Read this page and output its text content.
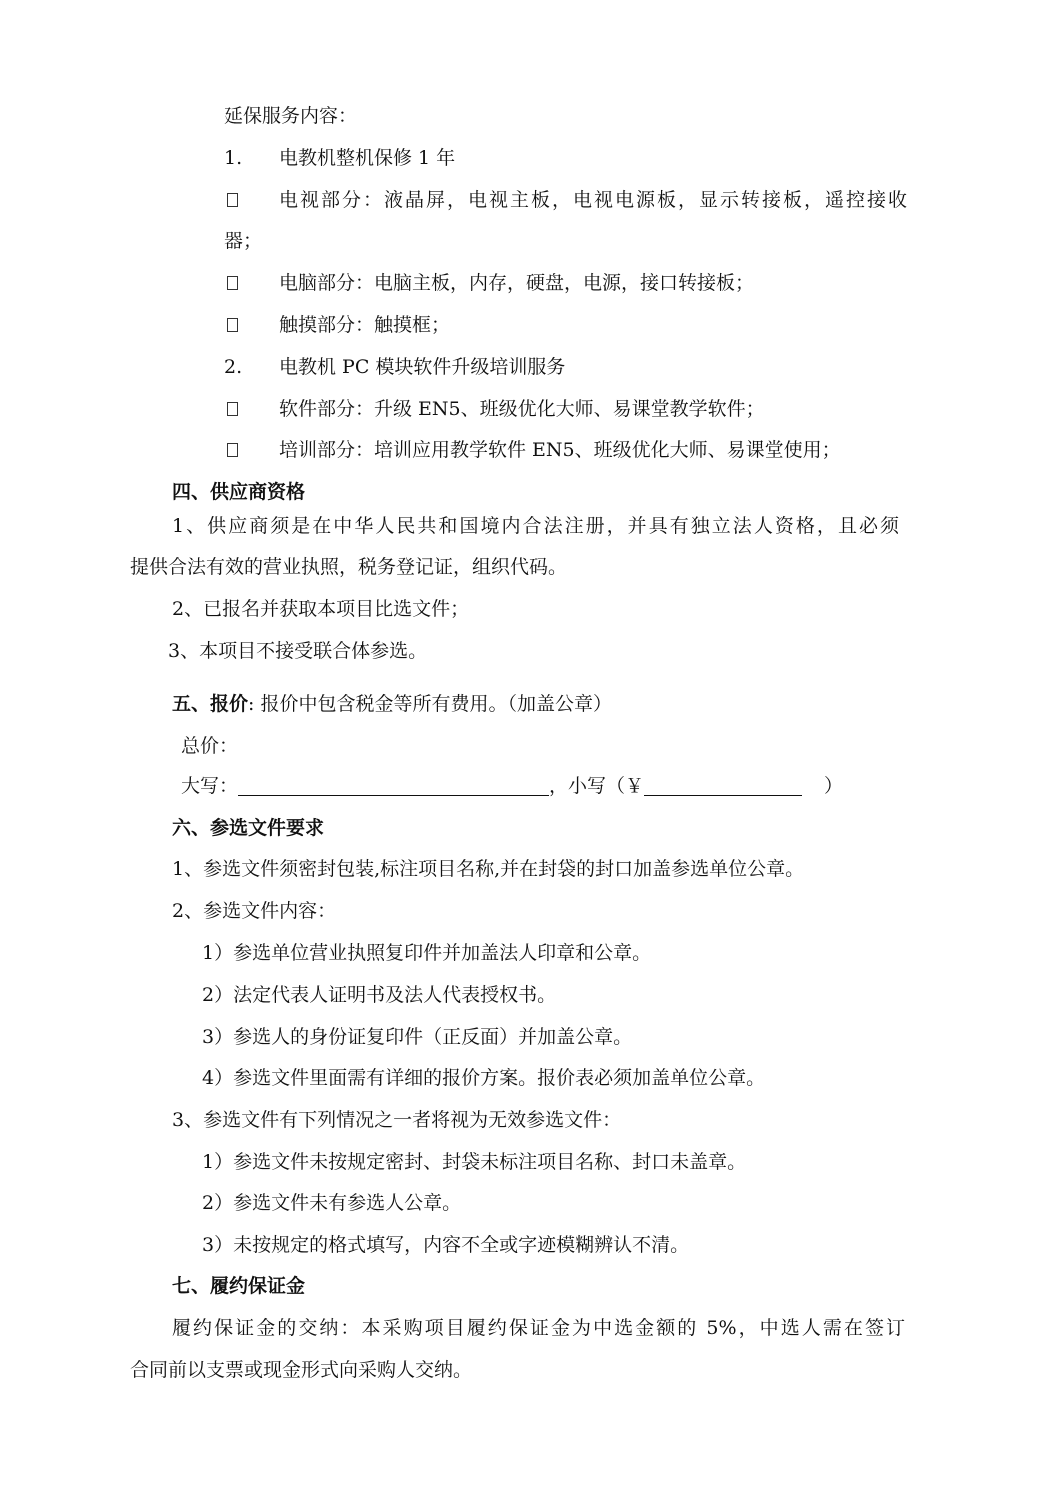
延保服务内容：
1. 电教机整机保修 1 年
电视部分：液晶屏，电视主板，电视电源板，显示转接板，遥控接收
器；
电脑部分：电脑主板，内存，硬盘，电源，接口转接板；
触摸部分：触摸框；
2. 电教机 PC 模块软件升级培训服务
软件部分：升级 EN5、班级优化大师、易课堂教学软件；
培训部分：培训应用教学软件 EN5、班级优化大师、易课堂使用；
四、供应商资格
1、供应商须是在中华人民共和国境内合法注册，并具有独立法人资格，且必须
提供合法有效的营业执照，税务登记证，组织代码。
2、已报名并获取本项目比选文件；
3、本项目不接受联合体参选。
五、报价: 报价中包含税金等所有费用。（加盖公章）
总价：
大写：	，小写（￥	）
六、参选文件要求
1、参选文件须密封包装,标注项目名称,并在封袋的封口加盖参选单位公章。
2、参选文件内容：
1）参选单位营业执照复印件并加盖法人印章和公章。
2）法定代表人证明书及法人代表授权书。
3）参选人的身份证复印件（正反面）并加盖公章。
4）参选文件里面需有详细的报价方案。报价表必须加盖单位公章。
3、参选文件有下列情况之一者将视为无效参选文件：
1）参选文件未按规定密封、封袋未标注项目名称、封口未盖章。
2）参选文件未有参选人公章。
3）未按规定的格式填写，内容不全或字迹模糊辨认不清。
七、履约保证金
履约保证金的交纳：本采购项目履约保证金为中选金额的 5%，中选人需在签订
合同前以支票或现金形式向采购人交纳。
